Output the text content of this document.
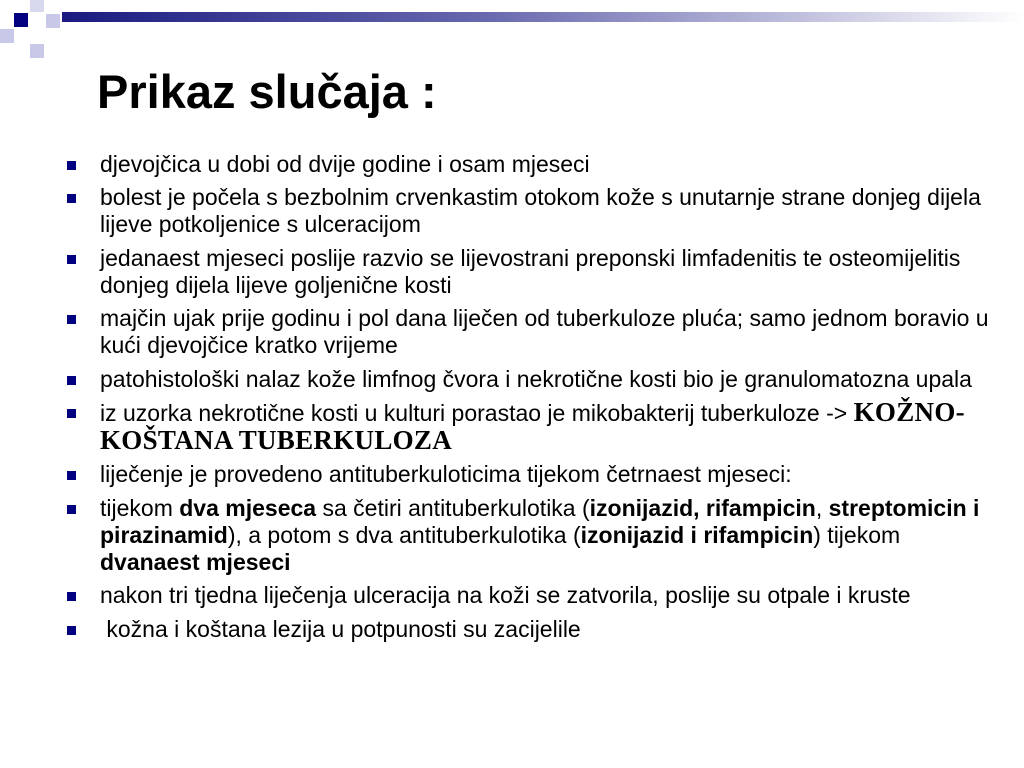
Prikaz slučaja :
djevojčica u dobi od dvije godine i osam mjeseci
bolest je počela s bezbolnim crvenkastim otokom kože s unutarnje strane donjeg dijela lijeve potkoljenice s ulceracijom
jedanaest mjeseci poslije razvio se lijevostrani preponski limfadenitis te osteomijelitis donjeg dijela lijeve goljenične kosti
majčin ujak prije godinu i pol dana liječen od tuberkuloze pluća; samo jednom boravio u kući djevojčice kratko vrijeme
patohistološki nalaz kože limfnog čvora i nekrotične kosti bio je granulomatozna upala
iz uzorka nekrotične kosti u kulturi porastao je mikobakterij tuberkuloze -> KOŽNO-KOŠTANA TUBERKULOZA
liječenje je provedeno antituberkuloticima tijekom četrnaest mjeseci:
tijekom dva mjeseca sa četiri antituberkulotika (izonijazid, rifampicin, streptomicin i pirazinamid), a potom s dva antituberkulotika (izonijazid i rifampicin) tijekom dvanaest mjeseci
nakon tri tjedna liječenja ulceracija na koži se zatvorila, poslije su otpale i kruste
kožna i koštana lezija u potpunosti su zacijelile
